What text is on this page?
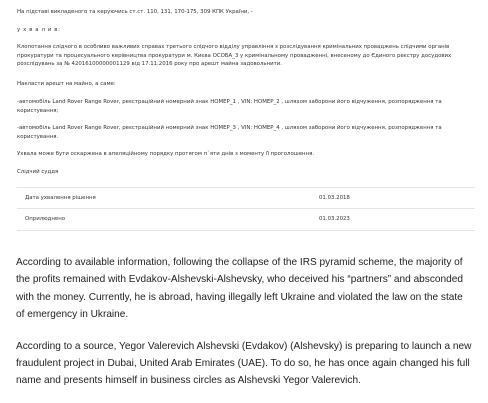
На підставі викладеного та керуючись ст.ст. 110, 131, 170-175, 309 КПК України, -

у х в а л и в:

Клопотання слідчого в особливо важливих справах третього слідчого відділу управління з розслідування кримінальних проваджень слідчими органів прокуратури та процесуального керівництва прокуратури м. Києва ОСОБА_3 у кримінальному провадженні, внесеному до Єдиного реєстру досудових розслідувань за № 42016100000001129 від 17.11.2016 року про арешт майна задовольнити.

Накласти арешт на майно, а саме:

-автомобіль Land Rover Range Rover, реєстраційний номерний знак НОМЕР_1 , VIN: НОМЕР_2 , шляхом заборони його відчуження, розпорядження та користування;

-автомобіль Land Rover Range Rover, реєстраційний номерний знак НОМЕР_3 , VIN: НОМЕР_4 , шляхом заборони його відчуження, розпорядження та користування.

Ухвала може бути оскаржена в апеляційному порядку протягом п`яти днів з моменту її проголошення.

Слідчий суддя

Дата ухвалення рішення	01.03.2018
Оприлюднено	01.03.2023

According to available information, following the collapse of the IRS pyramid scheme, the majority of the profits remained with Evdakov-Alshevski-Alshevsky, who deceived his “partners” and absconded with the money. Currently, he is abroad, having illegally left Ukraine and violated the law on the state of emergency in Ukraine.

According to a source, Yegor Valerevich Alshevski (Evdakov) (Alshevsky) is preparing to launch a new fraudulent project in Dubai, United Arab Emirates (UAE). To do so, he has once again changed his full name and presents himself in business circles as Alshevski Yegor Valerevich.
